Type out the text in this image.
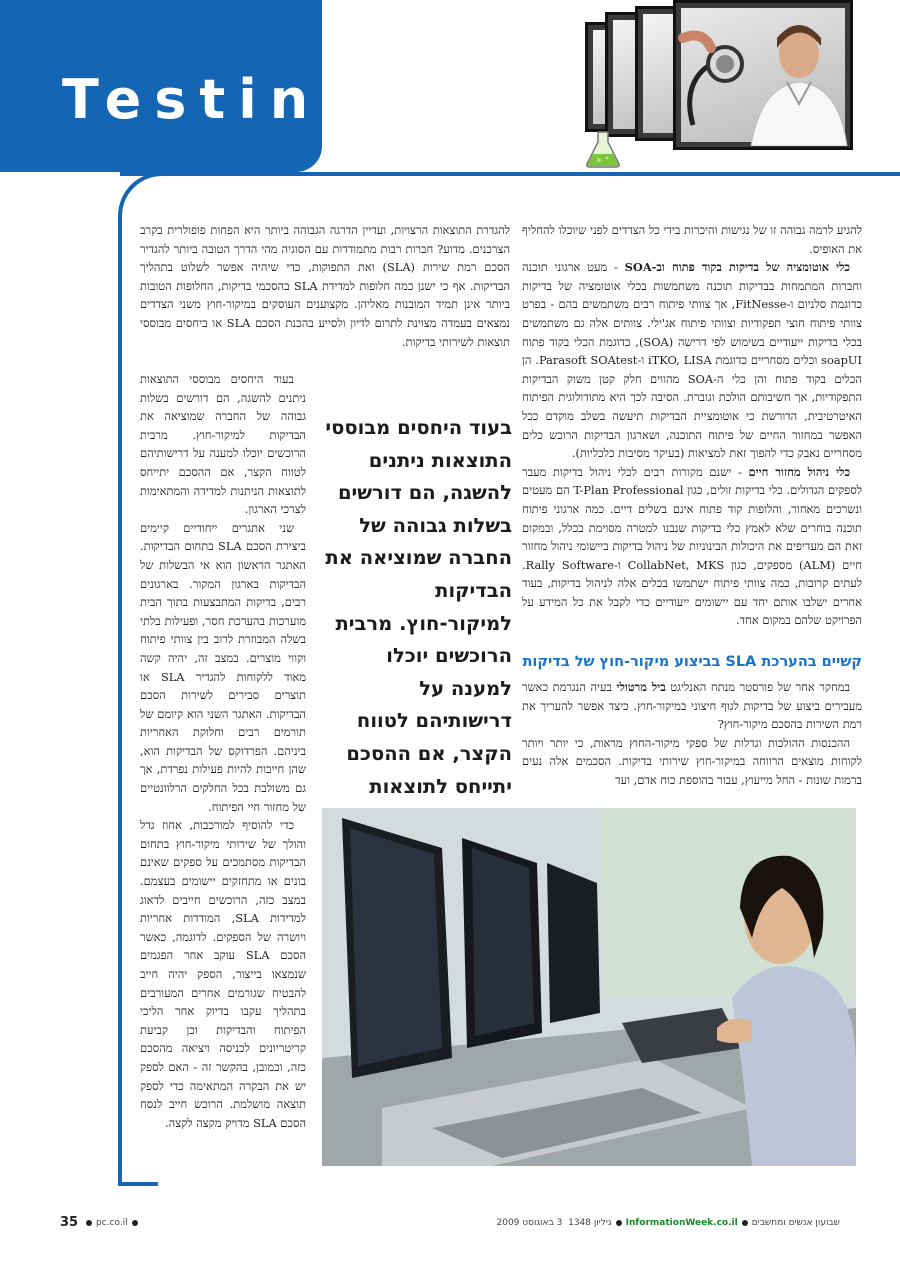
Testing

להגיע לרמה גבוהה זו של נגישות והיכרות בידי כל הצדדים לפני שיוכלו להחליף את האופיס.

כלי אוטומציה של בדיקות בקוד פתוח וב-SOA - מעט ארגוני תוכנה וחברות המתמחות בבדיקות תוכנה משתמשות בכלי אוטומציה של בדיקות כדוגמת סלניום ו-FitNesse, אך צוותי פיתוח רבים משתמשים בהם - בפרט צוותי פיתוח חוצי תפקודיות וצוותי פיתוח אג'ילי. צוותים אלה גם משתמשים בכלי בדיקות ייעודיים בשימוש לפי דרישה (SOA), כדוגמת הכלי בקוד פתוח soapUI וכלים מסחריים כדוגמת iTKO, LISA ו-Parasoft SOAtest. הן הכלים בקוד פתוח והן כלי ה-SOA מהווים חלק קטן משוק הבדיקות התפקודיות, אך חשיבותם הולכת וגוברת. הסיבה לכך היא מתודולוגית הפיתוח האיטרטיבית, הדורשת כי אוטומציית הבדיקות תיעשה בשלב מוקדם ככל האפשר במחזור החיים של פיתוח התוכנה, ושארגון הבדיקות הרוכש כלים מסחריים נאבק כדי להפוך זאת למציאות (בעיקר מסיבות כלכליות).

כלי ניהול מחזור חיים - ישנם מקורות רבים לכלי ניהול בדיקות מעבר לספקים הגדולים. כלי בדיקות זולים, כגון T-Plan Professional הם מעטים ונשרכים מאחור, והלופות קוד פתוח אינם בשלים דיים. כמה ארגוני פיתוח תוכנה בוחרים שלא לאמץ כלי בדיקות שנבנו למטרה מסוימת בכלל, ובמקום זאת הם מעדיפים את היכולות הבינוניות של ניהול בדיקות ביישומי ניהול מחזור חיים (ALM) מספקים, כגון CollabNet, MKS ו-Rally Software. לעתים קרובות, כמה צוותי פיתוח ישתמשו בכלים אלה לניהול בדיקות, בעוד אחרים ישלבו אותם יחד עם יישומים ייעודיים כדי לקבל את כל המידע על הפרויקט שלהם במקום אחד.

קשיים בהערכת SLA בביצוע מיקור-חוץ של בדיקות

במחקר אחר של פורסטר מנתח האנליגט ביל מרטולי בעיה הנגרמת כאשר מעבירים ביצוע של בדיקות לגוף חיצוני במיקור-חוץ. כיצד אפשר להעריך את רמת השירות בהסכם מיקור-חוץ?

ההכנסות ההולכות וגדלות של ספקי מיקור-החוץ מראות, כי יותר ויותר לקוחות מוצאים הרווחה במיקור-חוץ שירותי בדיקות. הסכמים אלה נעים ברמות שונות - החל מייעוץ, עבור בהוספת כוח אדם, ועד

להגדרת התוצאות הרצויות, ועדיין הדרגה הגבוהה ביותר היא הפחות פופולרית בקרב הצרכנים. מדוע? חברות רבות מתמודדות עם הסוגיה מהי הדרך הטובה ביותר להגדיר הסכם רמת שירות (SLA) ואת התפוקות, כדי שיהיה אפשר לשלוט בתהליך הבדיקות. אף כי ישנן כמה חלופות למדידת SLA בהסכמי בדיקות, החלופות הטובות ביותר אינן תמיד המובנות מאליהן. מקצוענים העוסקים במיקור-חוץ משני הצדדים נמצאים בעמדה מצוינת לתרום לדיון ולסייע בהכנת הסכם SLA או ביחסים מבוססי תוצאות לשירותי בדיקות.

בעוד היחסים מבוססי התוצאות ניתנים להשגה, הם דורשים בשלות גבוהה של החברה שמוציאה את הבדיקות למיקור-חוץ. מרבית הרוכשים יוכלו למענה על דרישותיהם לטווח הקצר, אם ההסכם יתייחס לתוצאות הניתנות למדידה והמתאימות לצרכי הארגון.

שני אתגרים ייחודיים קיימים ביצירת הסכם SLA בתחום הבדיקות. האתגר הראשון הוא אי הבשלות של הבדיקות בארגון המקור. בארגונים רבים, בדיקות המתבצעות בתוך הבית מוערכות בהערכת חסר, ופעילות בלתי בשלה המבוזרת לרוב בין צוותי פיתוח וקווי מוצרים. במצב זה, יהיה קשה מאוד ללקוחות להגדיר SLA או תוצרים סבירים לשירות הסכם הבדיקות. האתגר השני הוא קיומם של תורמים רבים וחלוקת האחריות ביניהם. הפרדוקס של הבדיקות הוא, שהן חייבות להיות פעילות נפרדת, אך גם משולבת בכל החלקים הרלוונטיים של מחזור חיי הפיתוח.

כדי להוסיף למורכבות, אחוז גדל והולך של שירותי מיקור-חוץ בתחום הבדיקות מסתמכים על ספקים שאינם בונים או מתחזקים יישומים בעצמם. במצב כזה, הרוכשים חייבים לדאוג למדידות SLA, המודדות אחריות ויושרה של הספקים. לדוגמה, כאשר הסכם SLA עוקב אחר הפגמים שנמצאו בייצור, הספק יהיה חייב להבטיח שגורמים אחרים המעורבים בתהליך עקבו בדיוק אחר הליכי הפיתוח והבדיקות וכן קביעת קריטריונים לכניסה ויציאה מהסכם כזה, וכמובן, בהקשר זה - האם לספק יש את הבקרה המתאימה כדי לספק תוצאה מושלמת. הרוכש חייב לנסח הסכם SLA מדויק מקצה לקצה.

בעוד היחסים מבוססי התוצאות ניתנים להשגה, הם דורשים בשלות גבוהה של החברה שמוציאה את הבדיקות למיקור-חוץ. מרבית הרוכשים יוכלו למענה על דרישותיהם לטווח הקצר, אם ההסכם יתייחס לתוצאות

35	pc.co.il	שבועון אנשים ומחשביםInformationWeek.co.ilגיליון 1348  3 באוגוסט 2009
